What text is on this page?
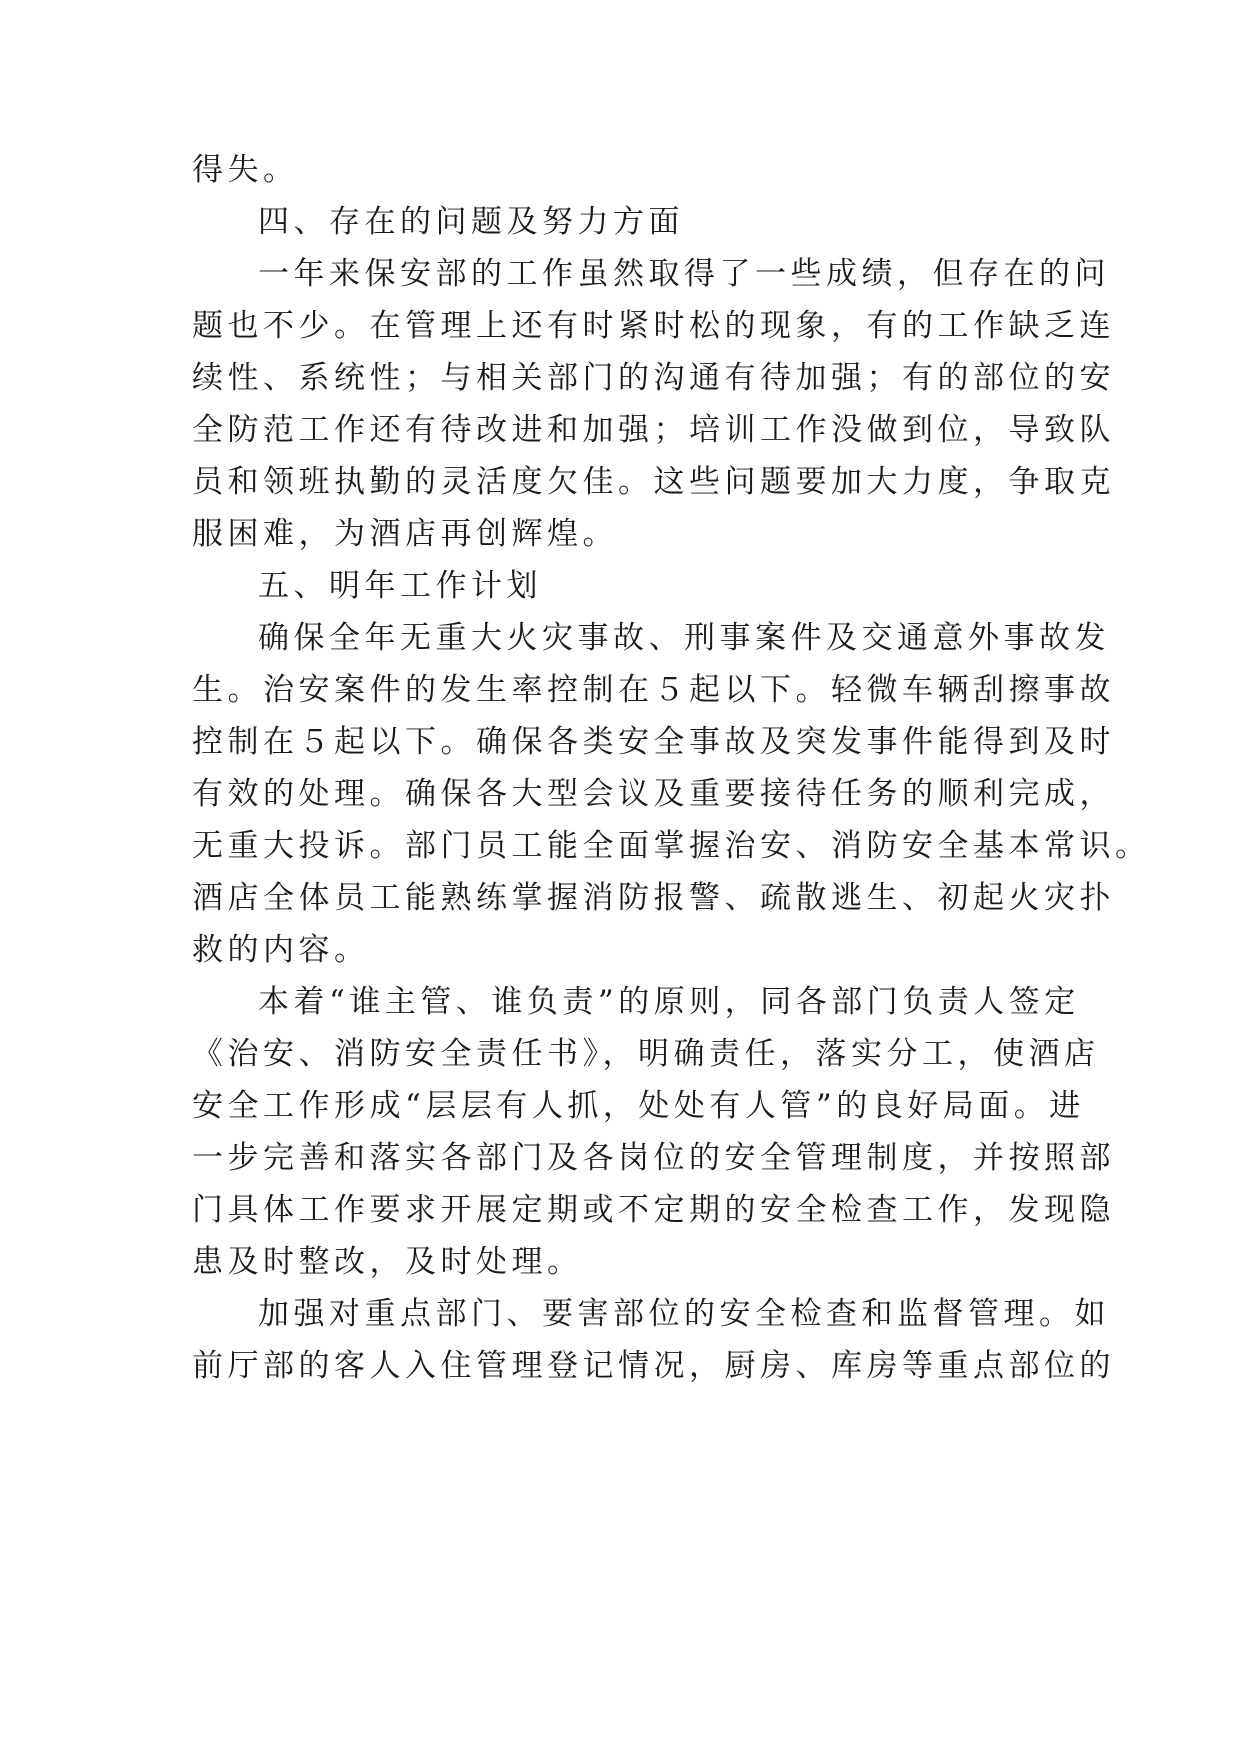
得失。
四、存在的问题及努力方面
一年来保安部的工作虽然取得了一些成绩，但存在的问
题也不少。在管理上还有时紧时松的现象，有的工作缺乏连
续性、系统性；与相关部门的沟通有待加强；有的部位的安
全防范工作还有待改进和加强；培训工作没做到位，导致队
员和领班执勤的灵活度欠佳。这些问题要加大力度，争取克
服困难，为酒店再创辉煌。
五、明年工作计划
确保全年无重大火灾事故、刑事案件及交通意外事故发
生。治安案件的发生率控制在５起以下。轻微车辆刮擦事故
控制在５起以下。确保各类安全事故及突发事件能得到及时
有效的处理。确保各大型会议及重要接待任务的顺利完成，
无重大投诉。部门员工能全面掌握治安、消防安全基本常识。
酒店全体员工能熟练掌握消防报警、疏散逃生、初起火灾扑
救的内容。
本着“谁主管、谁负责”的原则，同各部门负责人签定
《治安、消防安全责任书》，明确责任，落实分工，使酒店
安全工作形成“层层有人抓，处处有人管”的良好局面。进
一步完善和落实各部门及各岗位的安全管理制度，并按照部
门具体工作要求开展定期或不定期的安全检查工作，发现隐
患及时整改，及时处理。
加强对重点部门、要害部位的安全检查和监督管理。如
前厅部的客人入住管理登记情况，厨房、库房等重点部位的
